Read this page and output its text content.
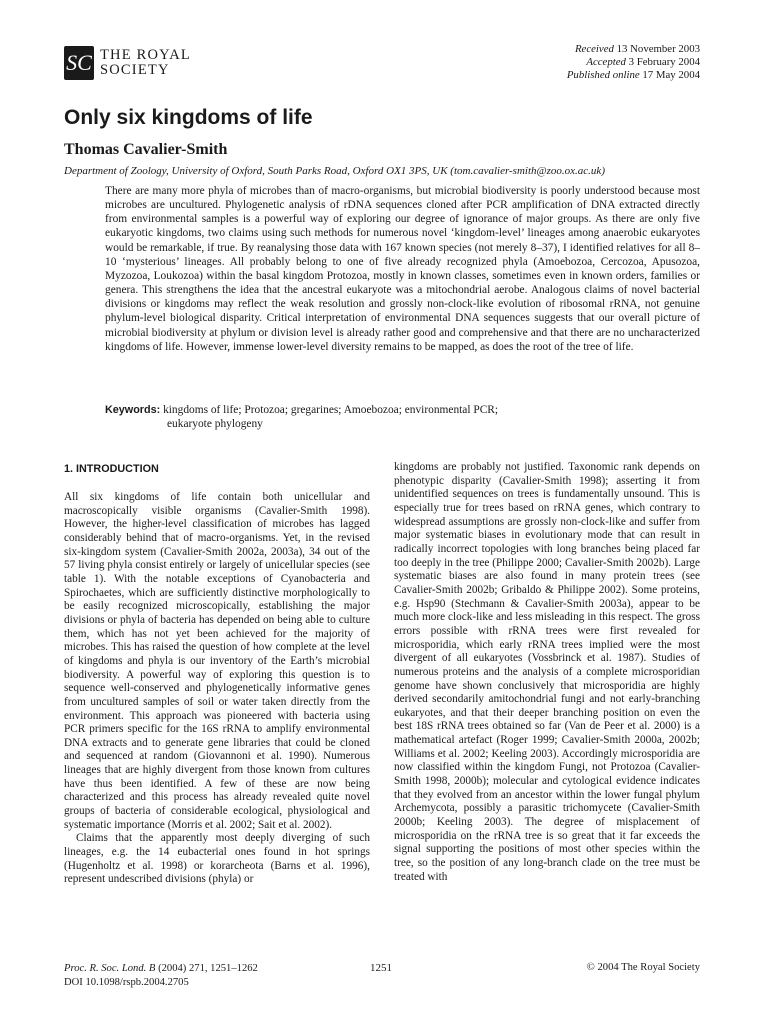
SC THE ROYAL
SOCIETY
Received 13 November 2003
Accepted 3 February 2004
Published online 17 May 2004
Only six kingdoms of life
Thomas Cavalier-Smith
Department of Zoology, University of Oxford, South Parks Road, Oxford OX1 3PS, UK (tom.cavalier-smith@zoo.ox.ac.uk)

There are many more phyla of microbes than of macro-organisms, but microbial biodiversity is poorly understood because most microbes are uncultured. Phylogenetic analysis of rDNA sequences cloned after PCR amplification of DNA extracted directly from environmental samples is a powerful way of exploring our degree of ignorance of major groups. As there are only five eukaryotic kingdoms, two claims using such methods for numerous novel ‘kingdom-level’ lineages among anaerobic eukaryotes would be remarkable, if true. By reanalysing those data with 167 known species (not merely 8–37), I identified relatives for all 8–10 ‘mysterious’ lineages. All probably belong to one of five already recognized phyla (Amoebozoa, Cercozoa, Apusozoa, Myzozoa, Loukozoa) within the basal kingdom Protozoa, mostly in known classes, sometimes even in known orders, families or genera. This strengthens the idea that the ancestral eukaryote was a mitochondrial aerobe. Analogous claims of novel bacterial divisions or kingdoms may reflect the weak resolution and grossly non-clock-like evolution of ribosomal rRNA, not genuine phylum-level biological disparity. Critical interpretation of environmental DNA sequences suggests that our overall picture of microbial biodiversity at phylum or division level is already rather good and comprehensive and that there are no uncharacterized kingdoms of life. However, immense lower-level diversity remains to be mapped, as does the root of the tree of life.

Keywords: kingdoms of life; Protozoa; gregarines; Amoebozoa; environmental PCR;
eukaryote phylogeny
1. INTRODUCTION

All six kingdoms of life contain both unicellular and macroscopically visible organisms (Cavalier-Smith 1998). However, the higher-level classification of microbes has lagged considerably behind that of macro-organisms. Yet, in the revised six-kingdom system (Cavalier-Smith 2002a, 2003a), 34 out of the 57 living phyla consist entirely or largely of unicellular species (see table 1). With the notable exceptions of Cyanobacteria and Spirochaetes, which are sufficiently distinctive morphologically to be easily recognized microscopically, establishing the major divisions or phyla of bacteria has depended on being able to culture them, which has not yet been achieved for the majority of microbes. This has raised the question of how complete at the level of kingdoms and phyla is our inventory of the Earth’s microbial biodiversity. A powerful way of exploring this question is to sequence well-conserved and phylogenetically informative genes from uncultured samples of soil or water taken directly from the environment. This approach was pioneered with bacteria using PCR primers specific for the 16S rRNA to amplify environmental DNA extracts and to generate gene libraries that could be cloned and sequenced at random (Giovannoni et al. 1990). Numerous lineages that are highly divergent from those known from cultures have thus been identified. A few of these are now being characterized and this process has already revealed quite novel groups of bacteria of considerable ecological, physiological and systematic importance (Morris et al. 2002; Sait et al. 2002).

Claims that the apparently most deeply diverging of such lineages, e.g. the 14 eubacterial ones found in hot springs (Hugenholtz et al. 1998) or korarcheota (Barns et al. 1996), represent undescribed divisions (phyla) or

kingdoms are probably not justified. Taxonomic rank depends on phenotypic disparity (Cavalier-Smith 1998); asserting it from unidentified sequences on trees is fundamentally unsound. This is especially true for trees based on rRNA genes, which contrary to widespread assumptions are grossly non-clock-like and suffer from major systematic biases in evolutionary mode that can result in radically incorrect topologies with long branches being placed far too deeply in the tree (Philippe 2000; Cavalier-Smith 2002b). Large systematic biases are also found in many protein trees (see Cavalier-Smith 2002b; Gribaldo & Philippe 2002). Some proteins, e.g. Hsp90 (Stechmann & Cavalier-Smith 2003a), appear to be much more clock-like and less misleading in this respect. The gross errors possible with rRNA trees were first revealed for microsporidia, which early rRNA trees implied were the most divergent of all eukaryotes (Vossbrinck et al. 1987). Studies of numerous proteins and the analysis of a complete microsporidian genome have shown conclusively that microsporidia are highly derived secondarily amitochondrial fungi and not early-branching eukaryotes, and that their deeper branching position on even the best 18S rRNA trees obtained so far (Van de Peer et al. 2000) is a mathematical artefact (Roger 1999; Cavalier-Smith 2000a, 2002b; Williams et al. 2002; Keeling 2003). Accordingly microsporidia are now classified within the kingdom Fungi, not Protozoa (Cavalier-Smith 1998, 2000b); molecular and cytological evidence indicates that they evolved from an ancestor within the lower fungal phylum Archemycota, possibly a parasitic trichomycete (Cavalier-Smith 2000b; Keeling 2003). The degree of misplacement of microsporidia on the rRNA tree is so great that it far exceeds the signal supporting the positions of most other species within the tree, so the position of any long-branch clade on the tree must be treated with

Proc. R. Soc. Lond. B (2004) 271, 1251–1262
DOI 10.1098/rspb.2004.2705
1251	© 2004 The Royal Society
